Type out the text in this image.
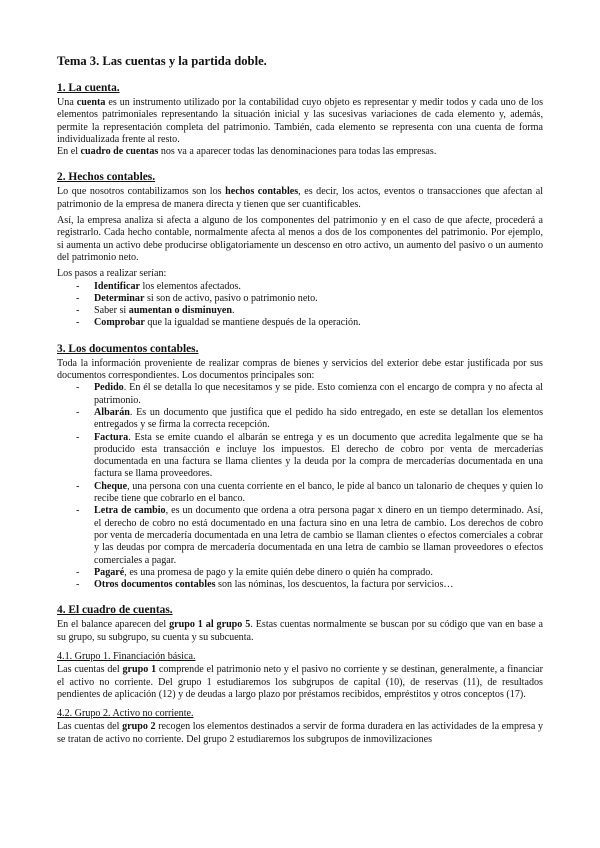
Tema 3. Las cuentas y la partida doble.
1. La cuenta.

Una cuenta es un instrumento utilizado por la contabilidad cuyo objeto es representar y medir todos y cada uno de los elementos patrimoniales representando la situación inicial y las sucesivas variaciones de cada elemento y, además, permite la representación completa del patrimonio. También, cada elemento se representa con una cuenta de forma individualizada frente al resto.

En el cuadro de cuentas nos va a aparecer todas las denominaciones para todas las empresas.

2. Hechos contables.

Lo que nosotros contabilizamos son los hechos contables, es decir, los actos, eventos o transacciones que afectan al patrimonio de la empresa de manera directa y tienen que ser cuantificables.

Así, la empresa analiza si afecta a alguno de los componentes del patrimonio y en el caso de que afecte, procederá a registrarlo. Cada hecho contable, normalmente afecta al menos a dos de los componentes del patrimonio. Por ejemplo, si aumenta un activo debe producirse obligatoriamente un descenso en otro activo, un aumento del pasivo o un aumento del patrimonio neto.

Los pasos a realizar serían:

- Identificar los elementos afectados.
- Determinar si son de activo, pasivo o patrimonio neto.
- Saber si aumentan o disminuyen.
- Comprobar que la igualdad se mantiene después de la operación.
3. Los documentos contables.

Toda la información proveniente de realizar compras de bienes y servicios del exterior debe estar justificada por sus documentos correspondientes. Los documentos principales son:

- Pedido. En él se detalla lo que necesitamos y se pide. Esto comienza con el encargo de compra y no afecta al patrimonio.
- Albarán. Es un documento que justifica que el pedido ha sido entregado, en este se detallan los elementos entregados y se firma la correcta recepción.
- Factura. Esta se emite cuando el albarán se entrega y es un documento que acredita legalmente que se ha producido esta transacción e incluye los impuestos. El derecho de cobro por venta de mercaderías documentada en una factura se llama clientes y la deuda por la compra de mercaderías documentada en una factura se llama proveedores.
- Cheque, una persona con una cuenta corriente en el banco, le pide al banco un talonario de cheques y quien lo recibe tiene que cobrarlo en el banco.
- Letra de cambio, es un documento que ordena a otra persona pagar x dinero en un tiempo determinado. Así, el derecho de cobro no está documentado en una factura sino en una letra de cambio. Los derechos de cobro por venta de mercadería documentada en una letra de cambio se llaman clientes o efectos comerciales a cobrar y las deudas por compra de mercadería documentada en una letra de cambio se llaman proveedores o efectos comerciales a pagar.
- Pagaré, es una promesa de pago y la emite quién debe dinero o quién ha comprado.
- Otros documentos contables son las nóminas, los descuentos, la factura por servicios…
4. El cuadro de cuentas.

En el balance aparecen del grupo 1 al grupo 5. Estas cuentas normalmente se buscan por su código que van en base a su grupo, su subgrupo, su cuenta y su subcuenta.

4.1. Grupo 1. Financiación básica.

Las cuentas del grupo 1 comprende el patrimonio neto y el pasivo no corriente y se destinan, generalmente, a financiar el activo no corriente. Del grupo 1 estudiaremos los subgrupos de capital (10), de reservas (11), de resultados pendientes de aplicación (12) y de deudas a largo plazo por préstamos recibidos, empréstitos y otros conceptos (17).

4.2. Grupo 2. Activo no corriente.

Las cuentas del grupo 2 recogen los elementos destinados a servir de forma duradera en las actividades de la empresa y se tratan de activo no corriente. Del grupo 2 estudiaremos los subgrupos de inmovilizaciones
